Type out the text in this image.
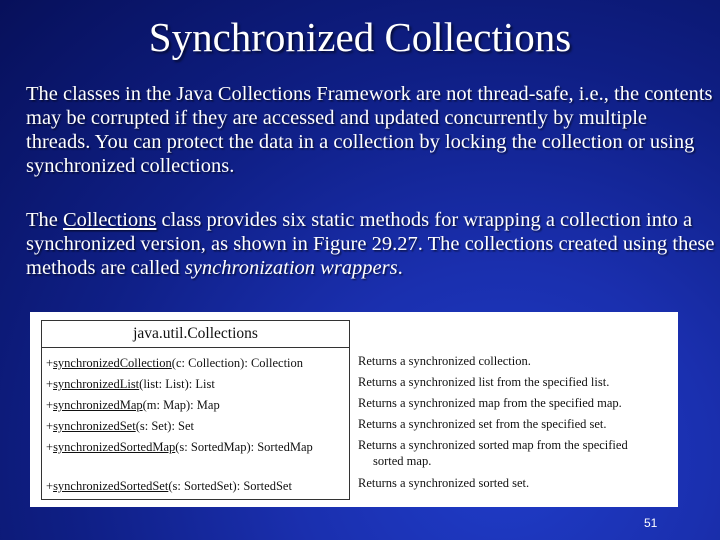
Synchronized Collections

The classes in the Java Collections Framework are not thread-safe, i.e., the contents may be corrupted if they are accessed and updated concurrently by multiple threads. You can protect the data in a collection by locking the collection or using synchronized collections.

The Collections class provides six static methods for wrapping a collection into a synchronized version, as shown in Figure 29.27. The collections created using these methods are called synchronization wrappers.

java.util.Collections
+synchronizedCollection(c: Collection): Collection
+synchronizedList(list: List): List
+synchronizedMap(m: Map): Map
+synchronizedSet(s: Set): Set
+synchronizedSortedMap(s: SortedMap): SortedMap
+synchronizedSortedSet(s: SortedSet): SortedSet
Returns a synchronized collection.
Returns a synchronized list from the specified list.
Returns a synchronized map from the specified map.
Returns a synchronized set from the specified set.
Returns a synchronized sorted map from the specified
sorted map.
Returns a synchronized sorted set.
51
